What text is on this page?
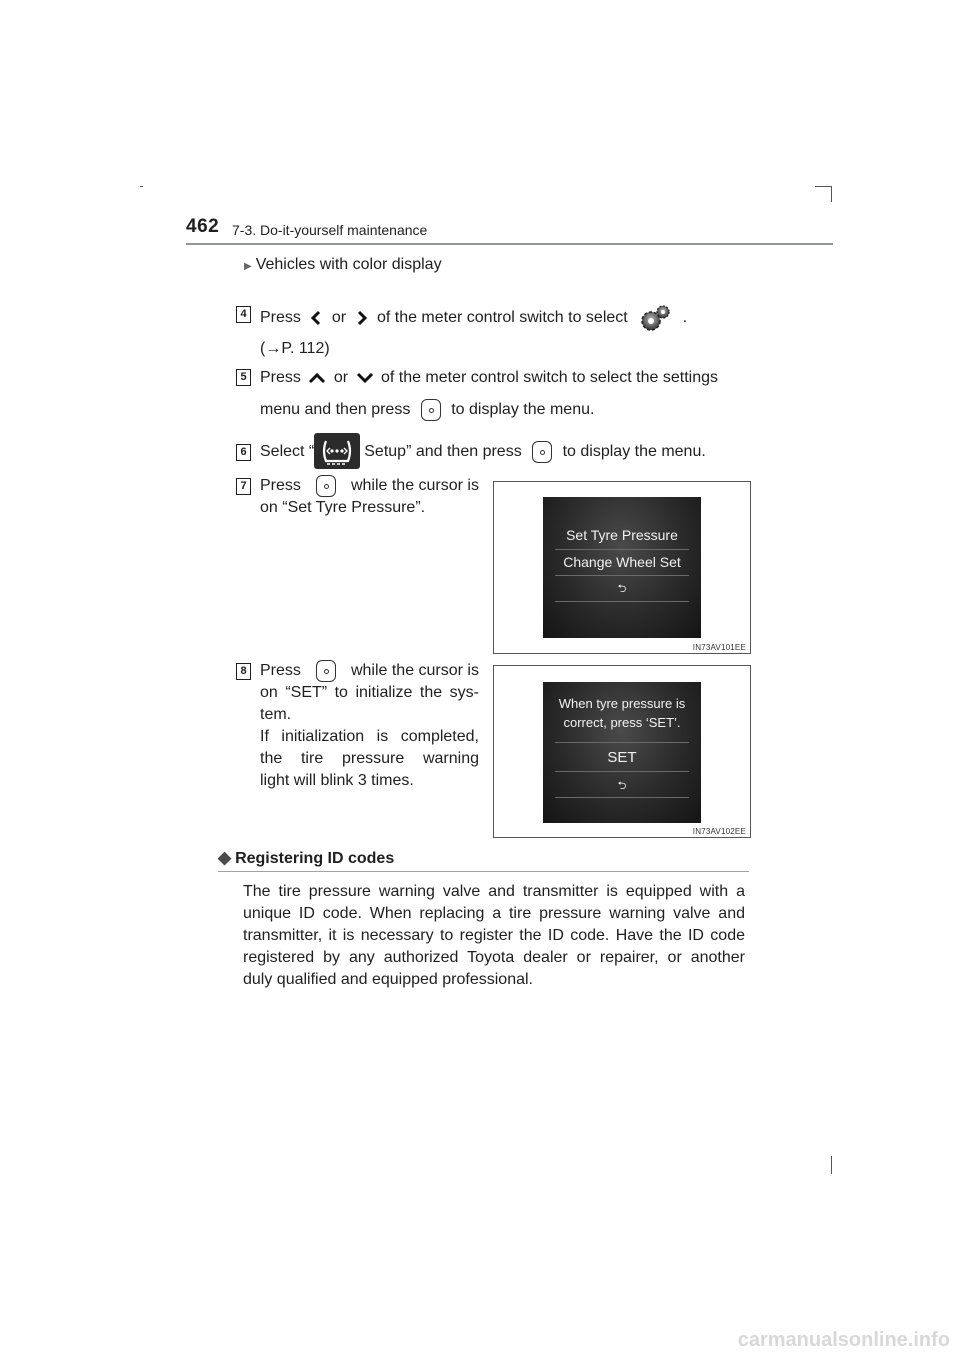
462 7-3. Do-it-yourself maintenance
▶ Vehicles with color display
4 Press or of the meter control switch to select	.
(→P. 112)
5 Press or of the meter control switch to select the settings
menu and then press	to display the menu.
6 Select “	Setup” and then press	to display the menu.
7 Press	while the cursor is
on “Set Tyre Pressure”.
Set Tyre Pressure
Change Wheel Set
⮌
IN73AV101EE
8 Press	while the cursor is
on “SET” to initialize the sys-
tem.
If initialization is completed,
the tire pressure warning
light will blink 3 times.
When tyre pressure is
correct, press ‘SET’.
SET
⮌
IN73AV102EE
◆ Registering ID codes
The tire pressure warning valve and transmitter is equipped with a
unique ID code. When replacing a tire pressure warning valve and
transmitter, it is necessary to register the ID code. Have the ID code
registered by any authorized Toyota dealer or repairer, or another
duly qualified and equipped professional.
carmanualsonline.info
